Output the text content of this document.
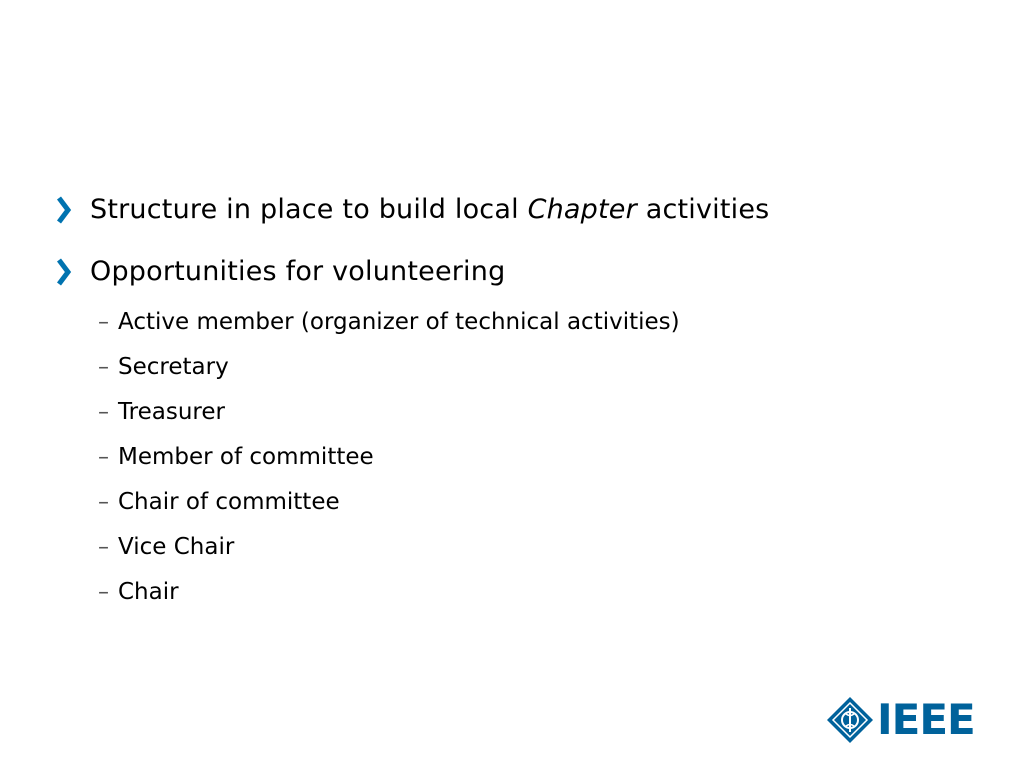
Structure in place to build local Chapter activities
Opportunities for volunteering
– Active member (organizer of technical activities)
– Secretary
– Treasurer
– Member of committee
– Chair of committee
– Vice Chair
– Chair
IEEE
